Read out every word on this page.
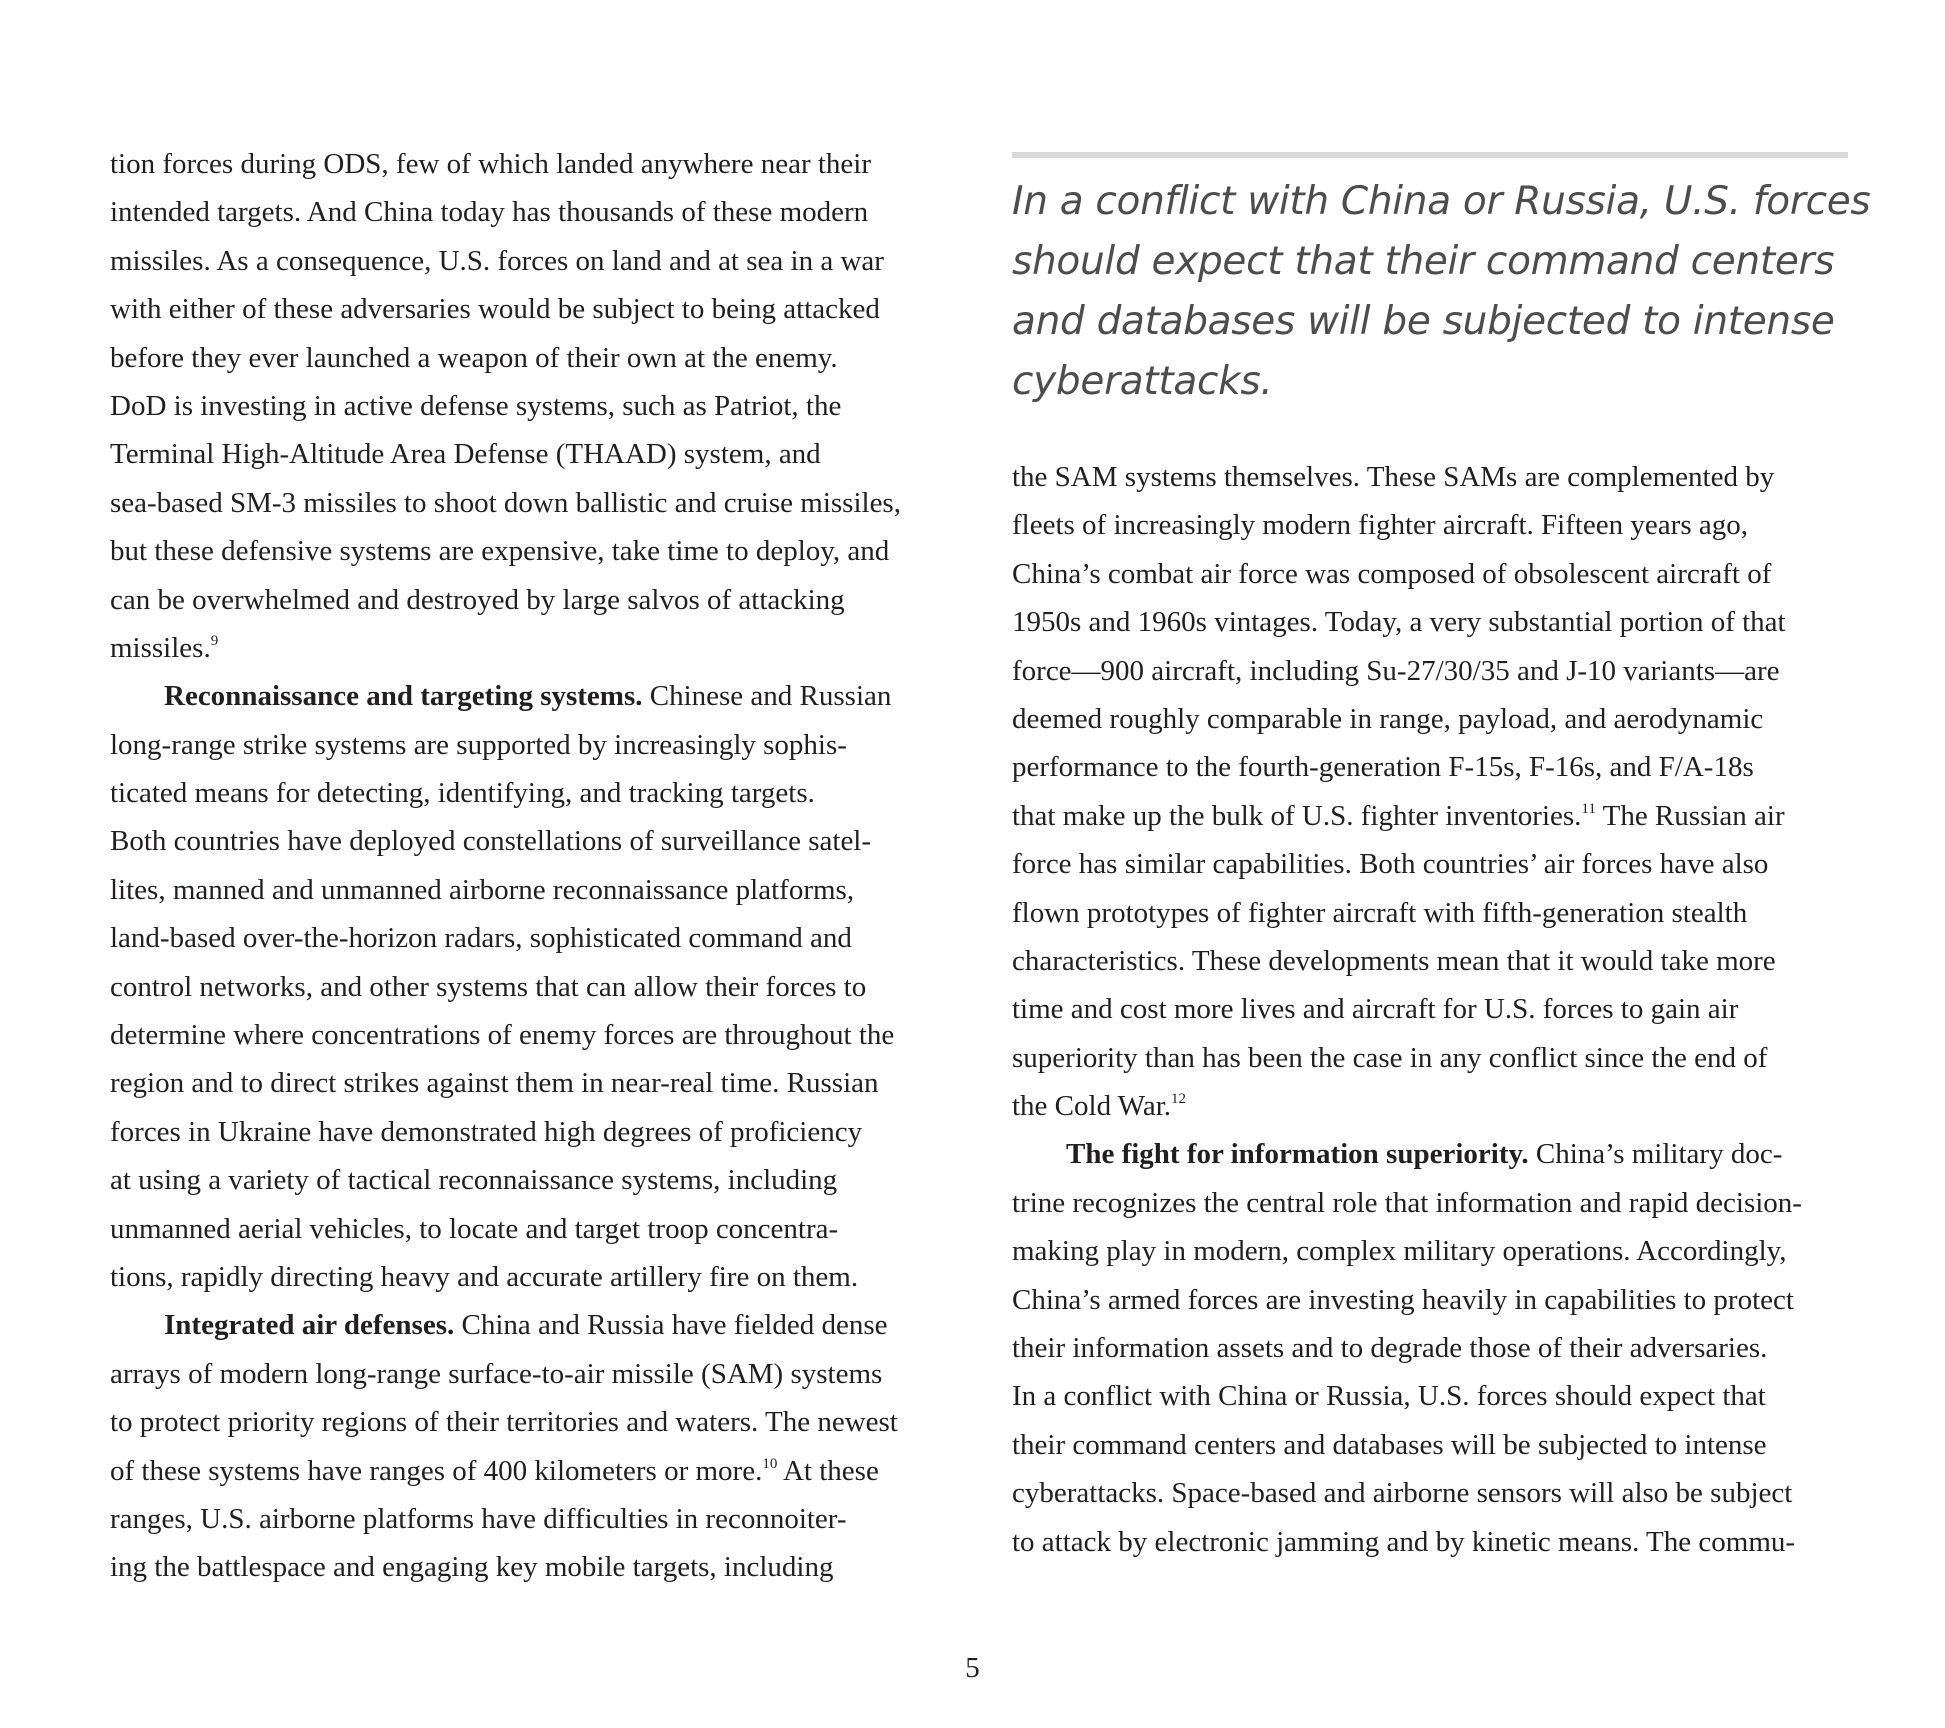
tion forces during ODS, few of which landed anywhere near their
intended targets. And China today has thousands of these modern
missiles. As a consequence, U.S. forces on land and at sea in a war
with either of these adversaries would be subject to being attacked
before they ever launched a weapon of their own at the enemy.
DoD is investing in active defense systems, such as Patriot, the
Terminal High-Altitude Area Defense (THAAD) system, and
sea-based SM-3 missiles to shoot down ballistic and cruise missiles,
but these defensive systems are expensive, take time to deploy, and
can be overwhelmed and destroyed by large salvos of attacking
missiles.$^9$
Reconnaissance and targeting systems. Chinese and Russian
long-range strike systems are supported by increasingly sophis-
ticated means for detecting, identifying, and tracking targets.
Both countries have deployed constellations of surveillance satel-
lites, manned and unmanned airborne reconnaissance platforms,
land-based over-the-horizon radars, sophisticated command and
control networks, and other systems that can allow their forces to
determine where concentrations of enemy forces are throughout the
region and to direct strikes against them in near-real time. Russian
forces in Ukraine have demonstrated high degrees of proficiency
at using a variety of tactical reconnaissance systems, including
unmanned aerial vehicles, to locate and target troop concentra-
tions, rapidly directing heavy and accurate artillery fire on them.
Integrated air defenses. China and Russia have fielded dense
arrays of modern long-range surface-to-air missile (SAM) systems
to protect priority regions of their territories and waters. The newest
of these systems have ranges of 400 kilometers or more.$^{10}$ At these
ranges, U.S. airborne platforms have difficulties in reconnoiter-
ing the battlespace and engaging key mobile targets, including
In a conflict with China or Russia, U.S. forces
should expect that their command centers
and databases will be subjected to intense
cyberattacks.
the SAM systems themselves. These SAMs are complemented by
fleets of increasingly modern fighter aircraft. Fifteen years ago,
China’s combat air force was composed of obsolescent aircraft of
1950s and 1960s vintages. Today, a very substantial portion of that
force—900 aircraft, including Su-27/30/35 and J-10 variants—are
deemed roughly comparable in range, payload, and aerodynamic
performance to the fourth-generation F-15s, F-16s, and F/A-18s
that make up the bulk of U.S. fighter inventories.$^{11}$ The Russian air
force has similar capabilities. Both countries’ air forces have also
flown prototypes of fighter aircraft with fifth-generation stealth
characteristics. These developments mean that it would take more
time and cost more lives and aircraft for U.S. forces to gain air
superiority than has been the case in any conflict since the end of
the Cold War.$^{12}$
The fight for information superiority. China’s military doc-
trine recognizes the central role that information and rapid decision-
making play in modern, complex military operations. Accordingly,
China’s armed forces are investing heavily in capabilities to protect
their information assets and to degrade those of their adversaries.
In a conflict with China or Russia, U.S. forces should expect that
their command centers and databases will be subjected to intense
cyberattacks. Space-based and airborne sensors will also be subject
to attack by electronic jamming and by kinetic means. The commu-
5
